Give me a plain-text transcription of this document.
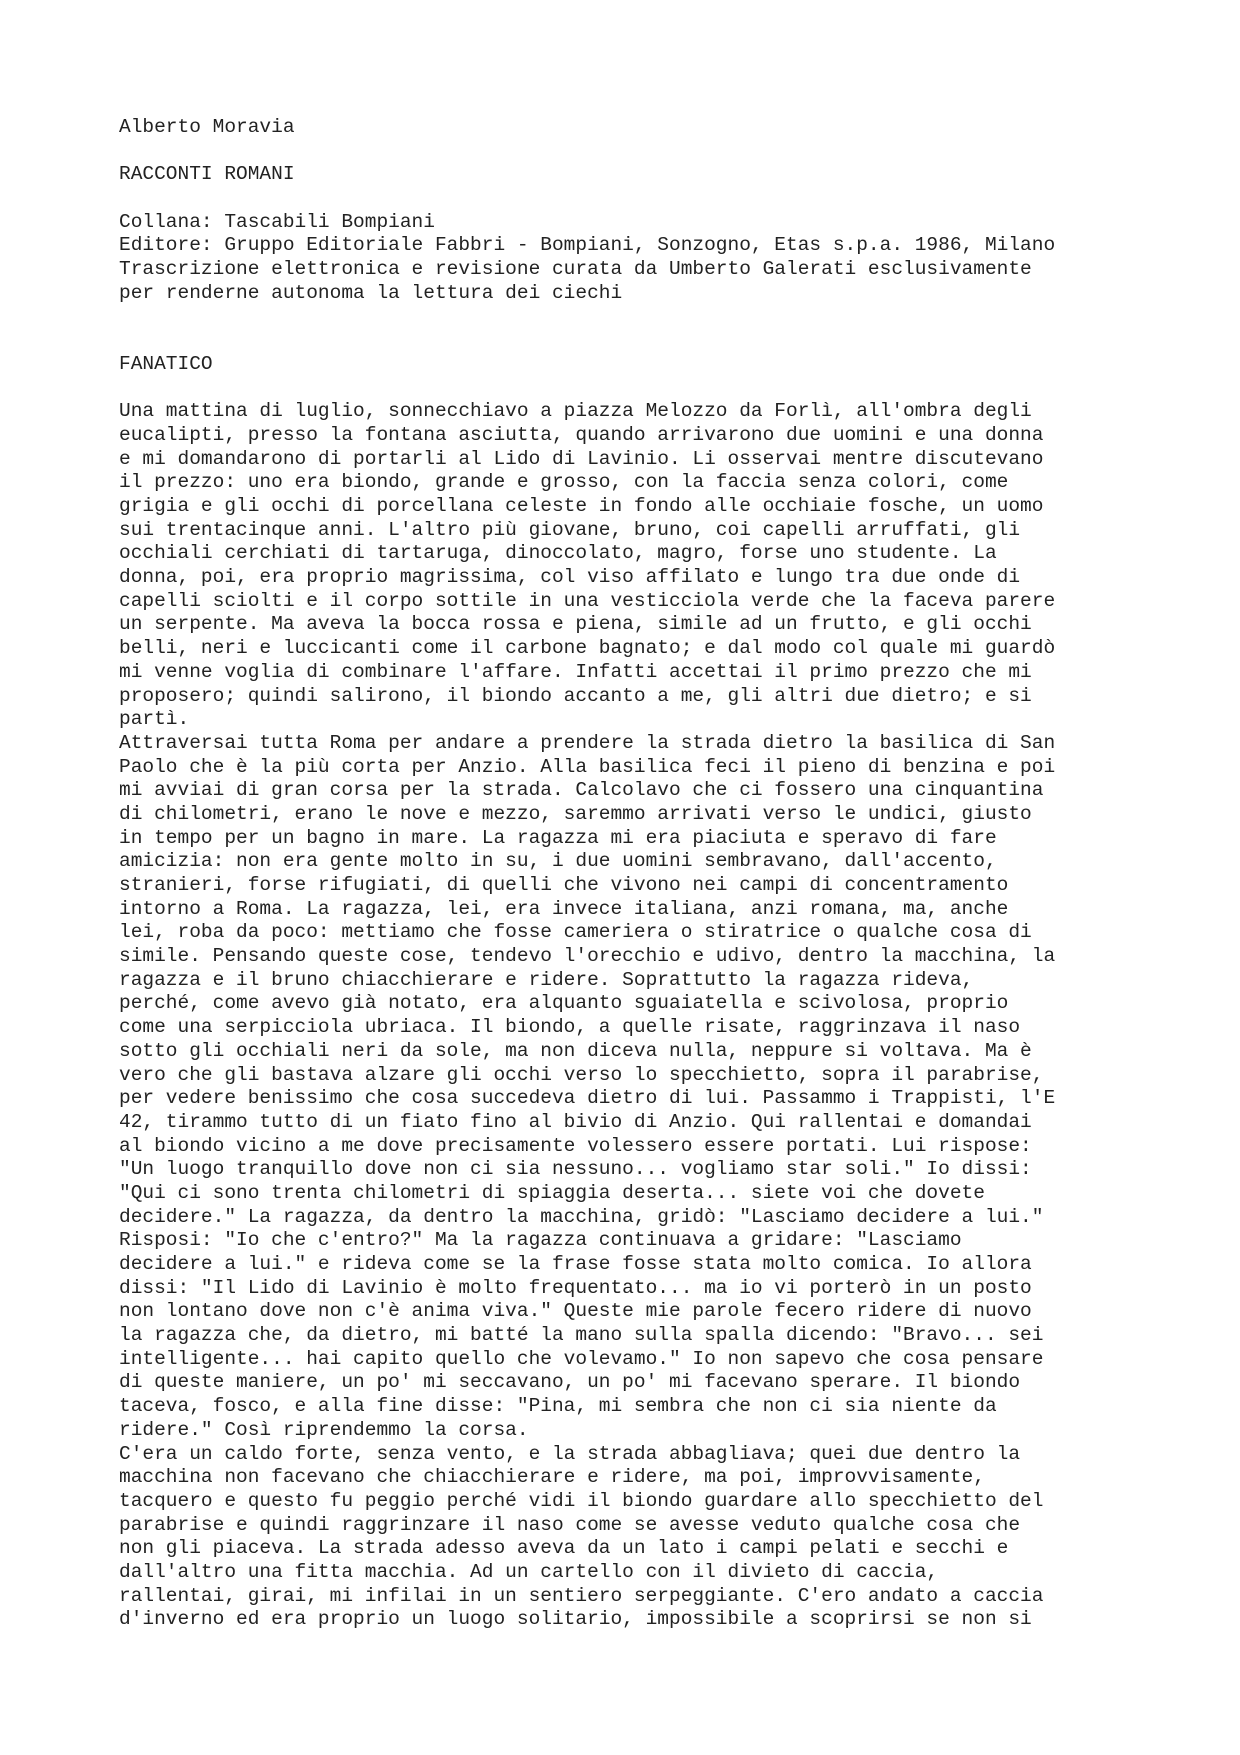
Alberto Moravia
RACCONTI ROMANI
Collana: Tascabili Bompiani
Editore: Gruppo Editoriale Fabbri - Bompiani, Sonzogno, Etas s.p.a. 1986, Milano
Trascrizione elettronica e revisione curata da Umberto Galerati esclusivamente
per renderne autonoma la lettura dei ciechi
FANATICO
Una mattina di luglio, sonnecchiavo a piazza Melozzo da Forlì, all'ombra degli
eucalipti, presso la fontana asciutta, quando arrivarono due uomini e una donna
e mi domandarono di portarli al Lido di Lavinio. Li osservai mentre discutevano
il prezzo: uno era biondo, grande e grosso, con la faccia senza colori, come
grigia e gli occhi di porcellana celeste in fondo alle occhiaie fosche, un uomo
sui trentacinque anni. L'altro più giovane, bruno, coi capelli arruffati, gli
occhiali cerchiati di tartaruga, dinoccolato, magro, forse uno studente. La
donna, poi, era proprio magrissima, col viso affilato e lungo tra due onde di
capelli sciolti e il corpo sottile in una vesticciola verde che la faceva parere
un serpente. Ma aveva la bocca rossa e piena, simile ad un frutto, e gli occhi
belli, neri e luccicanti come il carbone bagnato; e dal modo col quale mi guardò
mi venne voglia di combinare l'affare. Infatti accettai il primo prezzo che mi
proposero; quindi salirono, il biondo accanto a me, gli altri due dietro; e si
partì.
Attraversai tutta Roma per andare a prendere la strada dietro la basilica di San
Paolo che è la più corta per Anzio. Alla basilica feci il pieno di benzina e poi
mi avviai di gran corsa per la strada. Calcolavo che ci fossero una cinquantina
di chilometri, erano le nove e mezzo, saremmo arrivati verso le undici, giusto
in tempo per un bagno in mare. La ragazza mi era piaciuta e speravo di fare
amicizia: non era gente molto in su, i due uomini sembravano, dall'accento,
stranieri, forse rifugiati, di quelli che vivono nei campi di concentramento
intorno a Roma. La ragazza, lei, era invece italiana, anzi romana, ma, anche
lei, roba da poco: mettiamo che fosse cameriera o stiratrice o qualche cosa di
simile. Pensando queste cose, tendevo l'orecchio e udivo, dentro la macchina, la
ragazza e il bruno chiacchierare e ridere. Soprattutto la ragazza rideva,
perché, come avevo già notato, era alquanto sguaiatella e scivolosa, proprio
come una serpicciola ubriaca. Il biondo, a quelle risate, raggrinzava il naso
sotto gli occhiali neri da sole, ma non diceva nulla, neppure si voltava. Ma è
vero che gli bastava alzare gli occhi verso lo specchietto, sopra il parabrise,
per vedere benissimo che cosa succedeva dietro di lui. Passammo i Trappisti, l'E
42, tirammo tutto di un fiato fino al bivio di Anzio. Qui rallentai e domandai
al biondo vicino a me dove precisamente volessero essere portati. Lui rispose:
"Un luogo tranquillo dove non ci sia nessuno... vogliamo star soli." Io dissi:
"Qui ci sono trenta chilometri di spiaggia deserta... siete voi che dovete
decidere." La ragazza, da dentro la macchina, gridò: "Lasciamo decidere a lui."
Risposi: "Io che c'entro?" Ma la ragazza continuava a gridare: "Lasciamo
decidere a lui." e rideva come se la frase fosse stata molto comica. Io allora
dissi: "Il Lido di Lavinio è molto frequentato... ma io vi porterò in un posto
non lontano dove non c'è anima viva." Queste mie parole fecero ridere di nuovo
la ragazza che, da dietro, mi batté la mano sulla spalla dicendo: "Bravo... sei
intelligente... hai capito quello che volevamo." Io non sapevo che cosa pensare
di queste maniere, un po' mi seccavano, un po' mi facevano sperare. Il biondo
taceva, fosco, e alla fine disse: "Pina, mi sembra che non ci sia niente da
ridere." Così riprendemmo la corsa.
C'era un caldo forte, senza vento, e la strada abbagliava; quei due dentro la
macchina non facevano che chiacchierare e ridere, ma poi, improvvisamente,
tacquero e questo fu peggio perché vidi il biondo guardare allo specchietto del
parabrise e quindi raggrinzare il naso come se avesse veduto qualche cosa che
non gli piaceva. La strada adesso aveva da un lato i campi pelati e secchi e
dall'altro una fitta macchia. Ad un cartello con il divieto di caccia,
rallentai, girai, mi infilai in un sentiero serpeggiante. C'ero andato a caccia
d'inverno ed era proprio un luogo solitario, impossibile a scoprirsi se non si
